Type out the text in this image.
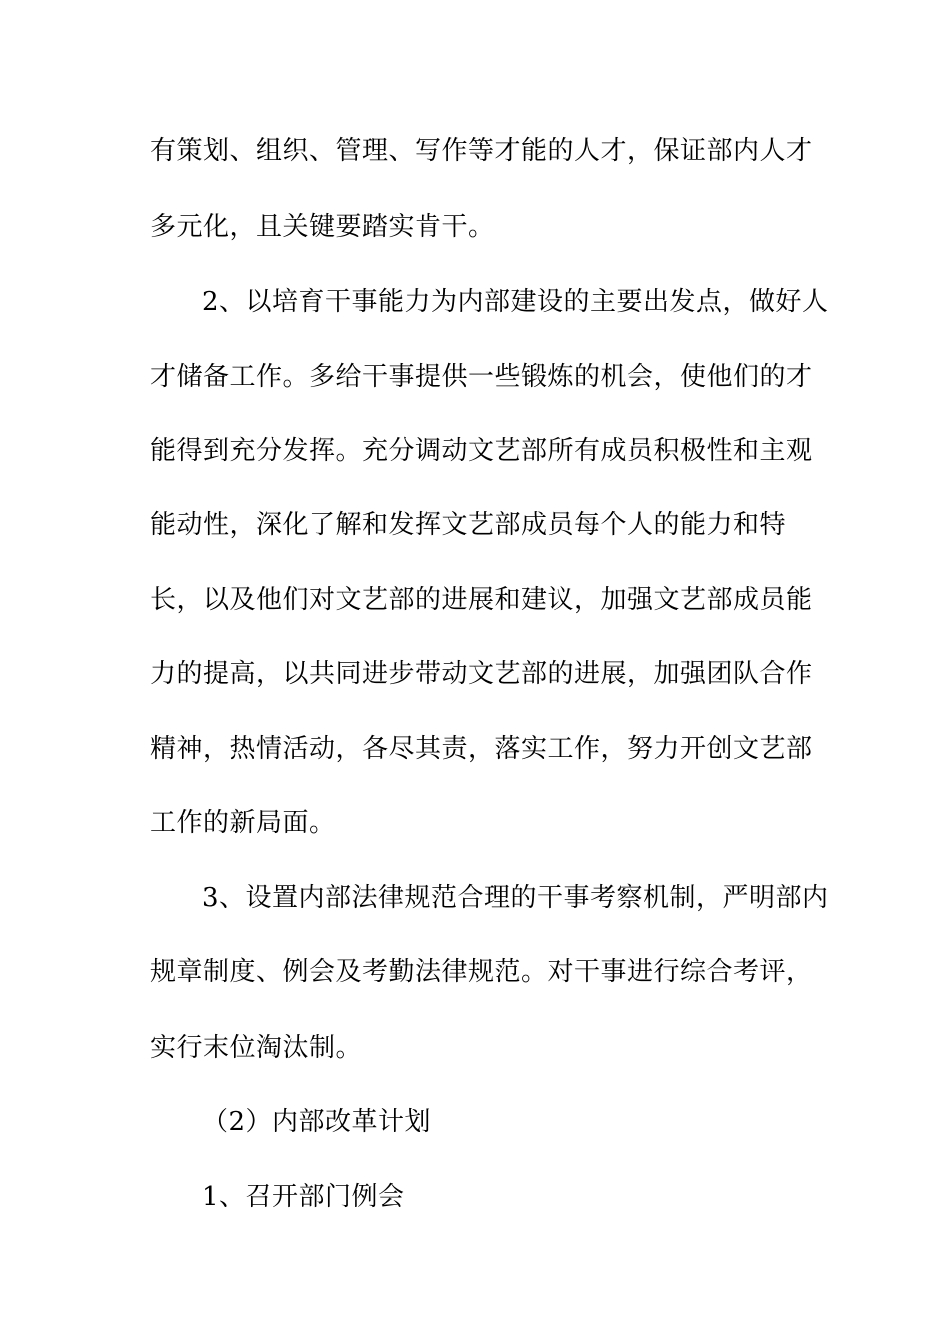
有策划、组织、管理、写作等才能的人才，保证部内人才
多元化，且关键要踏实肯干。
2、以培育干事能力为内部建设的主要出发点，做好人
才储备工作。多给干事提供一些锻炼的机会，使他们的才
能得到充分发挥。充分调动文艺部所有成员积极性和主观
能动性，深化了解和发挥文艺部成员每个人的能力和特
长，以及他们对文艺部的进展和建议，加强文艺部成员能
力的提高，以共同进步带动文艺部的进展，加强团队合作
精神，热情活动，各尽其责，落实工作，努力开创文艺部
工作的新局面。
3、设置内部法律规范合理的干事考察机制，严明部内
规章制度、例会及考勤法律规范。对干事进行综合考评，
实行末位淘汰制。
（2）内部改革计划
1、召开部门例会
